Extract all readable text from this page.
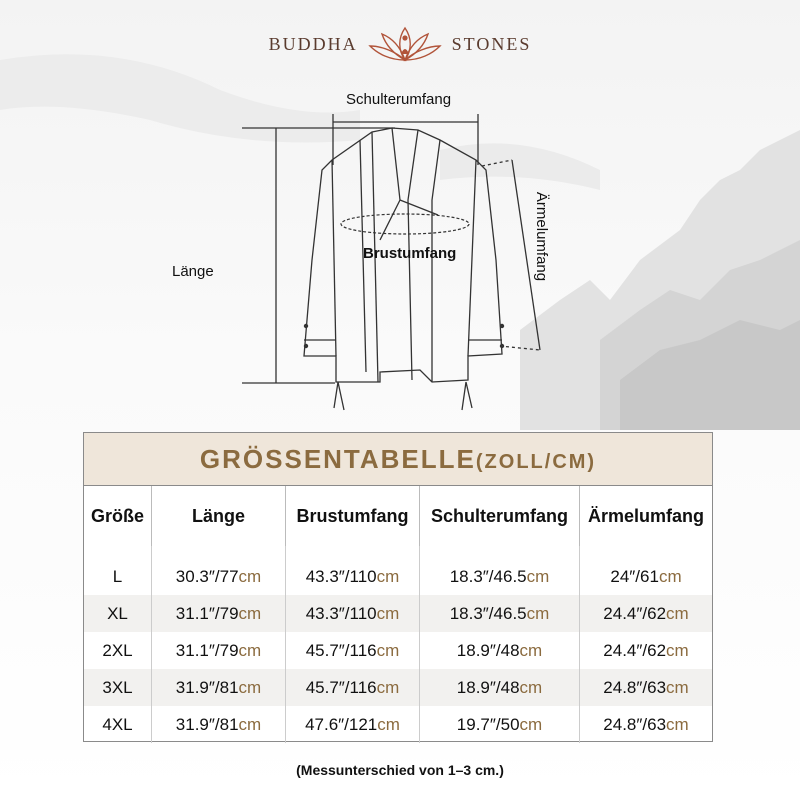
BUDDHA	STONES
Schulterumfang
Länge
Brustumfang	Ärmelumfang
GRÖSSENTABELLE(ZOLL/CM)
Größe	Länge	Brustumfang	Schulterumfang	Ärmelumfang
L	30.3″/77 cm	43.3″/110 cm	18.3″/46.5 cm	24″/61 cm
XL	31.1″/79 cm	43.3″/110 cm	18.3″/46.5 cm	24.4″/62 cm
2XL	31.1″/79 cm	45.7″/116 cm	18.9″/48 cm	24.4″/62 cm
3XL	31.9″/81 cm	45.7″/116 cm	18.9″/48 cm	24.8″/63 cm
4XL	31.9″/81 cm	47.6″/121 cm	19.7″/50 cm	24.8″/63 cm
(Messunterschied von 1–3 cm.)
